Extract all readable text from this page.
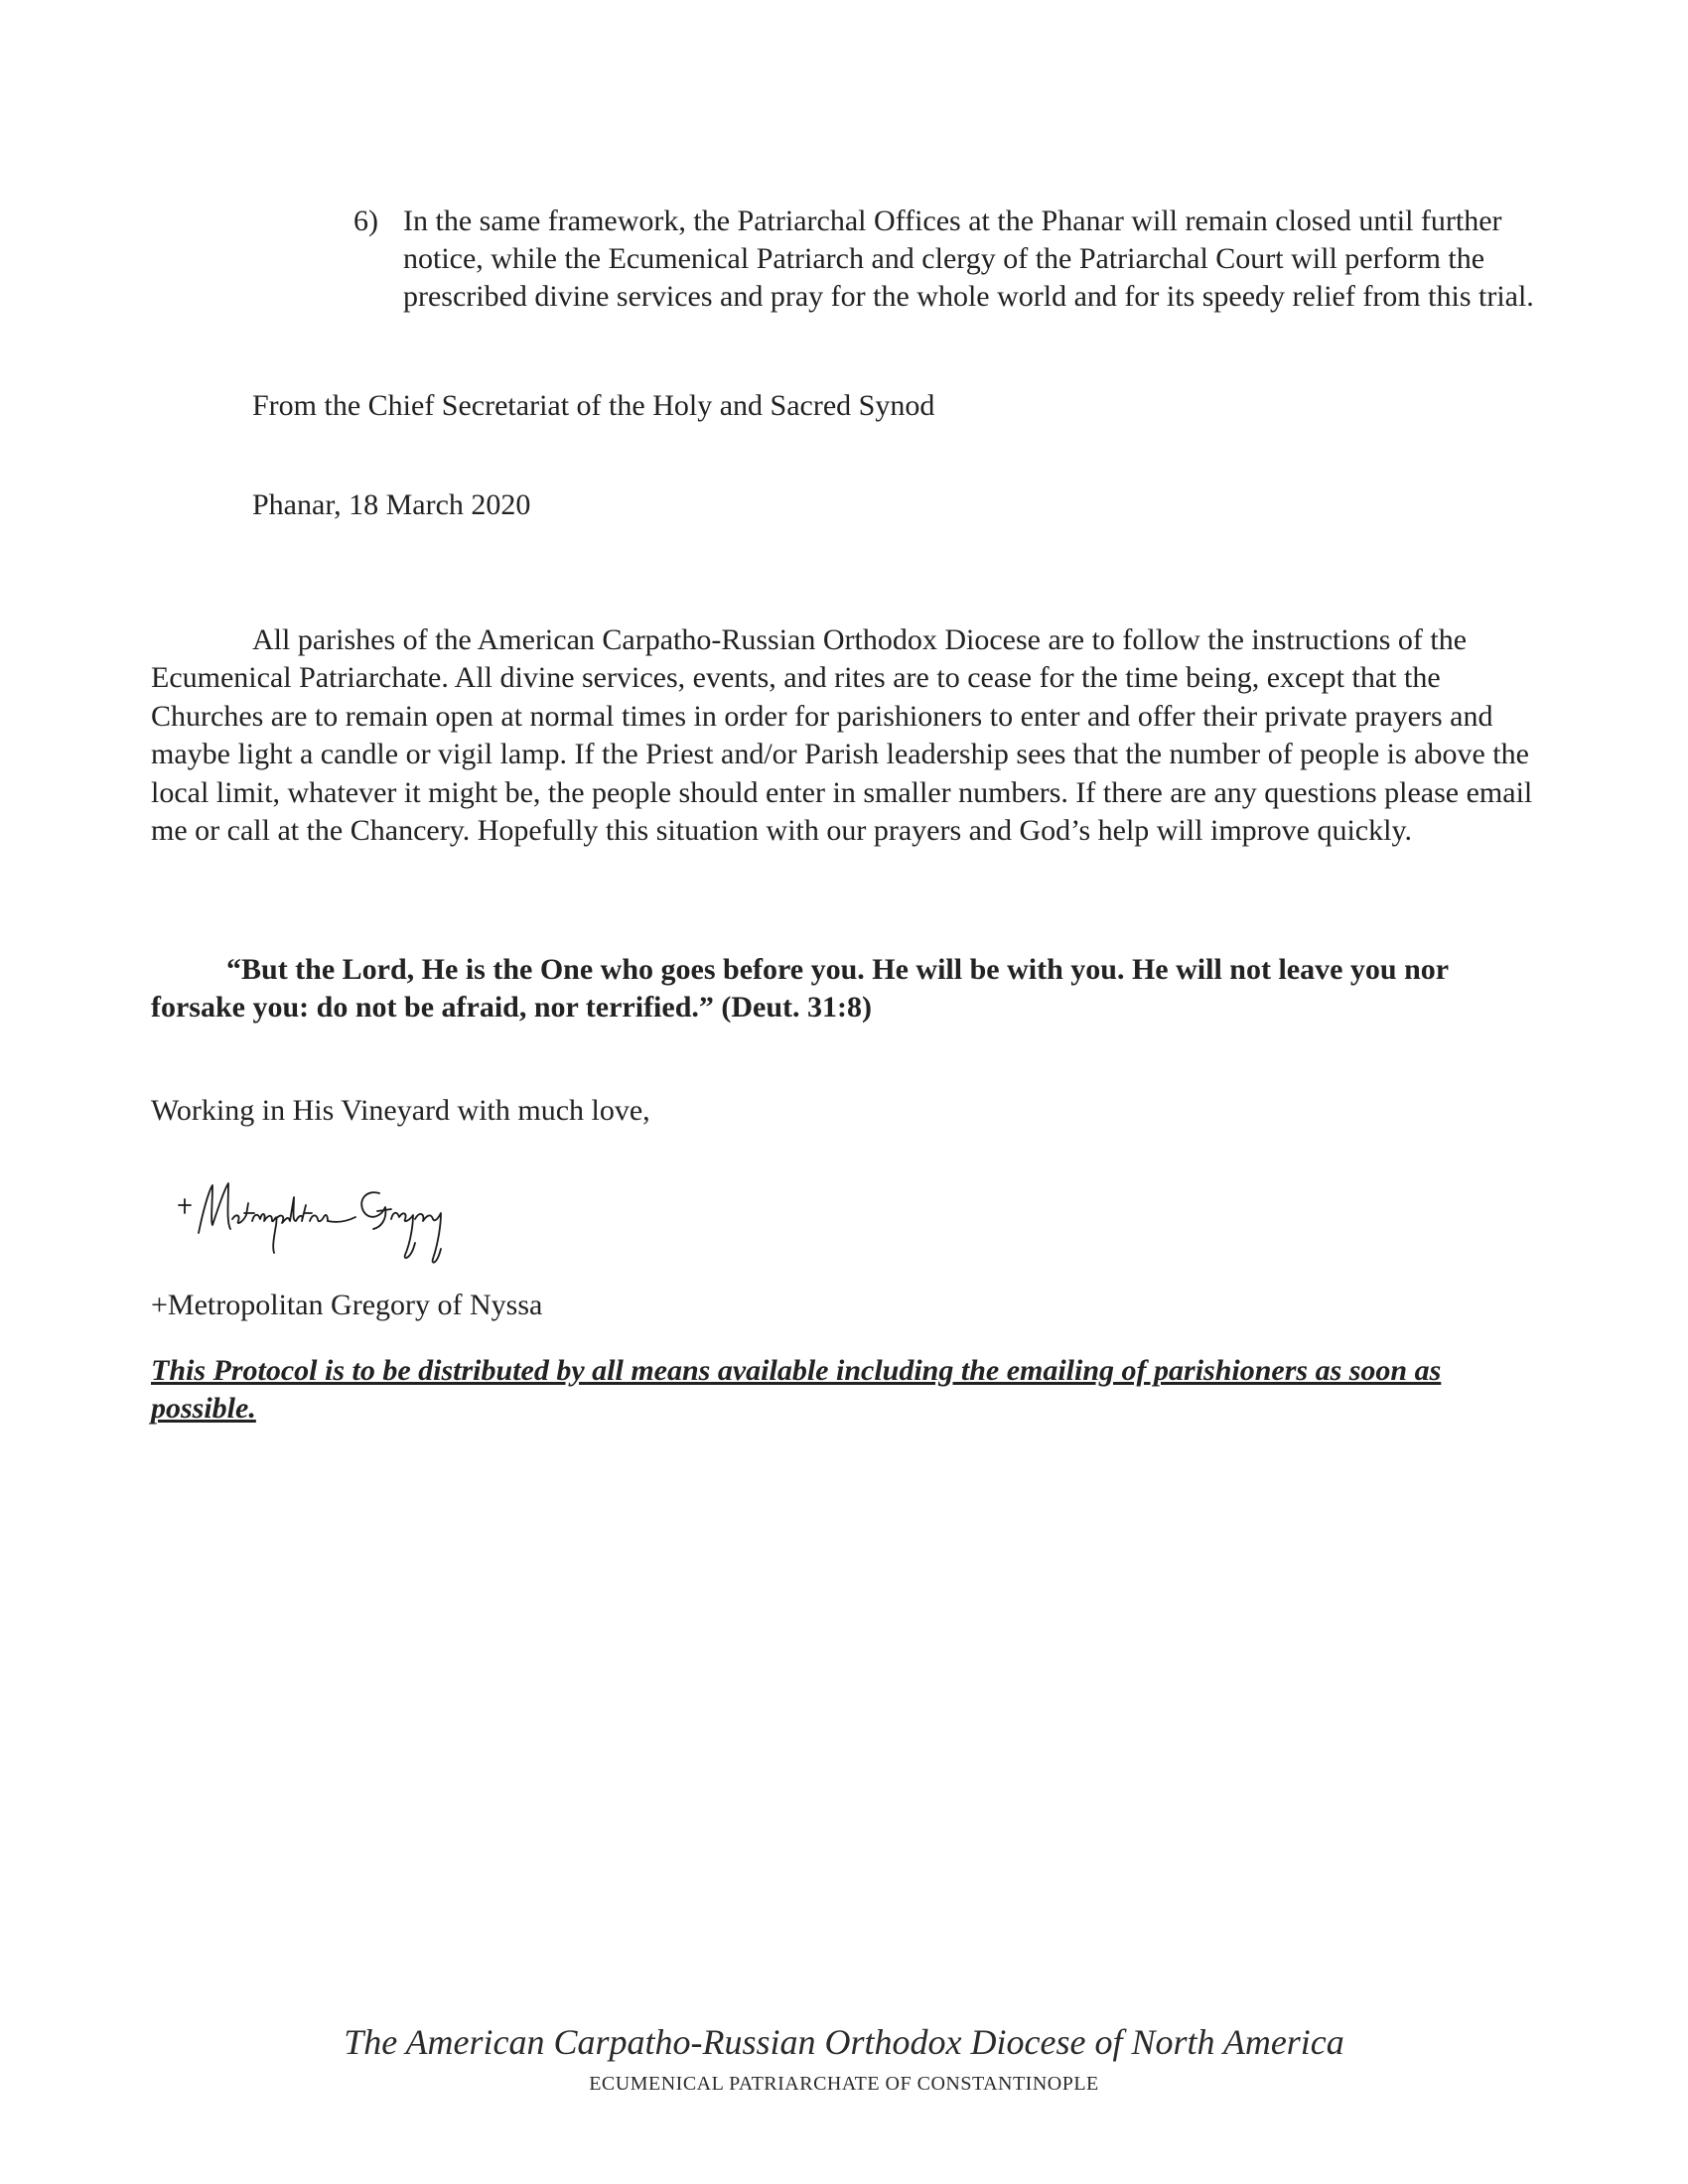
6) In the same framework, the Patriarchal Offices at the Phanar will remain closed until further notice, while the Ecumenical Patriarch and clergy of the Patriarchal Court will perform the prescribed divine services and pray for the whole world and for its speedy relief from this trial.
From the Chief Secretariat of the Holy and Sacred Synod
Phanar, 18 March 2020
All parishes of the American Carpatho-Russian Orthodox Diocese are to follow the instructions of the Ecumenical Patriarchate. All divine services, events, and rites are to cease for the time being, except that the Churches are to remain open at normal times in order for parishioners to enter and offer their private prayers and maybe light a candle or vigil lamp. If the Priest and/or Parish leadership sees that the number of people is above the local limit, whatever it might be, the people should enter in smaller numbers. If there are any questions please email me or call at the Chancery. Hopefully this situation with our prayers and God’s help will improve quickly.
“But the Lord, He is the One who goes before you. He will be with you. He will not leave you nor forsake you: do not be afraid, nor terrified.” (Deut. 31:8)
Working in His Vineyard with much love,
+Metropolitan Gregory of Nyssa
This Protocol is to be distributed by all means available including the emailing of parishioners as soon as possible.
The American Carpatho-Russian Orthodox Diocese of North America
ECUMENICAL PATRIARCHATE OF CONSTANTINOPLE
